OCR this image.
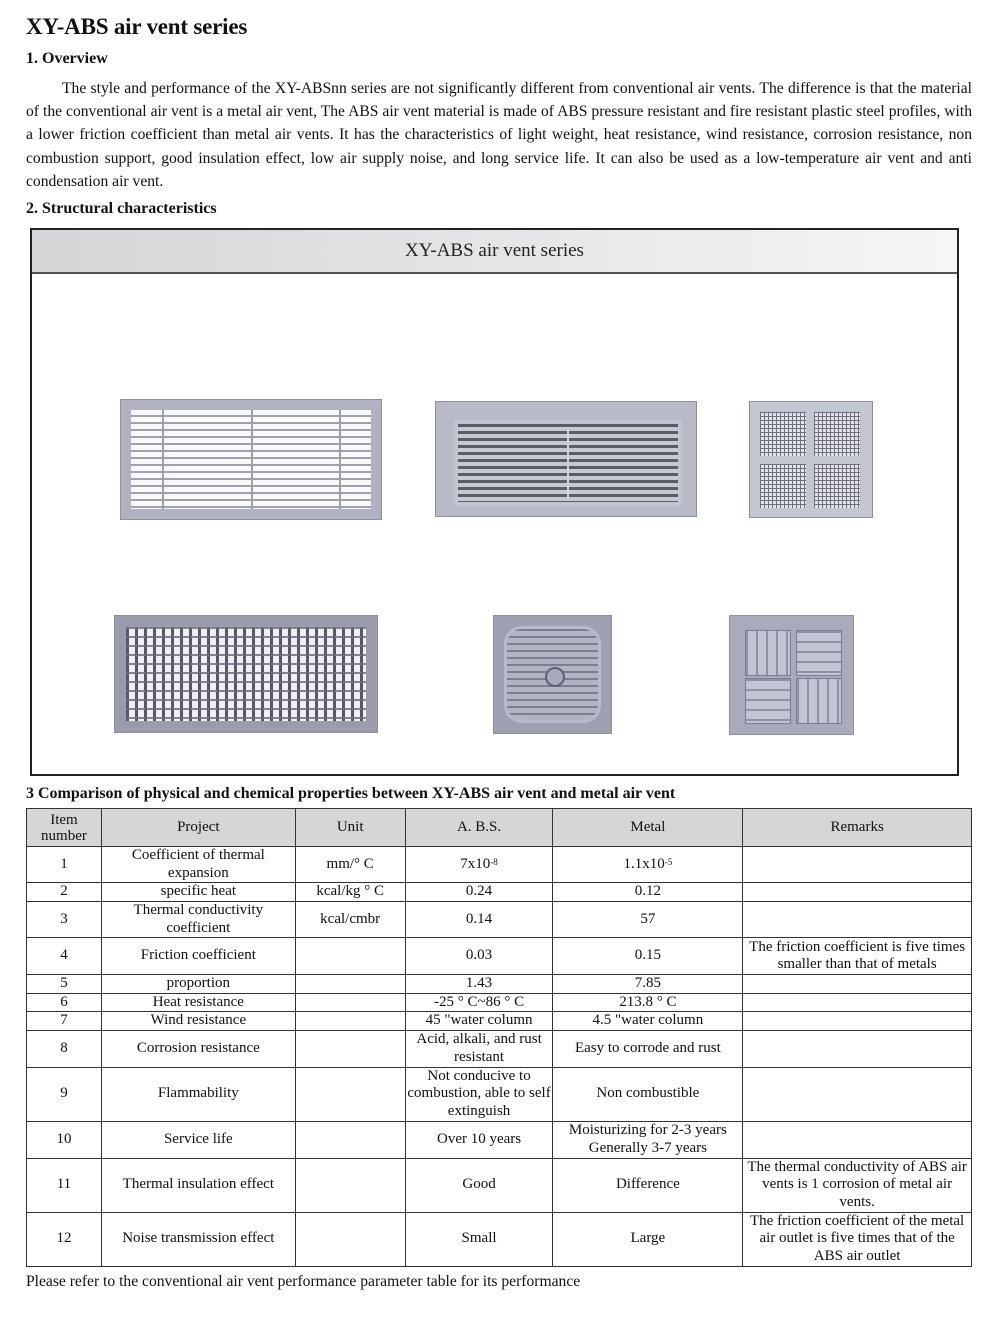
XY-ABS air vent series
1. Overview

The style and performance of the XY-ABSnn series are not significantly different from conventional air vents. The difference is that the material of the conventional air vent is a metal air vent, The ABS air vent material is made of ABS pressure resistant and fire resistant plastic steel profiles, with a lower friction coefficient than metal air vents. It has the characteristics of light weight, heat resistance, wind resistance, corrosion resistance, non combustion support, good insulation effect, low air supply noise, and long service life. It can also be used as a low-temperature air vent and anti condensation air vent.

2. Structural characteristics
XY-ABS air vent series
3 Comparison of physical and chemical properties between XY-ABS air vent and metal air vent
Item number	Project	Unit	A. B.S.	Metal	Remarks
1	Coefficient of thermal expansion	mm/° C	$7x10^{-8}$	$1.1x10^{-5}$	
2	specific heat	kcal/kg ° C	0.24	0.12	
3	Thermal conductivity coefficient	kcal/cmbr	0.14	57	
4	Friction coefficient		0.03	0.15	The friction coefficient is five times smaller than that of metals
5	proportion		1.43	7.85	
6	Heat resistance		-25 ° C~86 ° C	213.8 ° C	
7	Wind resistance		45 "water column	4.5 "water column	
8	Corrosion resistance		Acid, alkali, and rust resistant	Easy to corrode and rust	
9	Flammability		Not conducive to combustion, able to self extinguish	Non combustible	
10	Service life		Over 10 years	Moisturizing for 2-3 years
Generally 3-7 years	

11	Thermal insulation effect		Good	Difference	The thermal conductivity of ABS air vents is 1 corrosion of metal air vents.
12	Noise transmission effect		Small	Large	The friction coefficient of the metal air outlet is five times that of the ABS air outlet

Please refer to the conventional air vent performance parameter table for its performance
